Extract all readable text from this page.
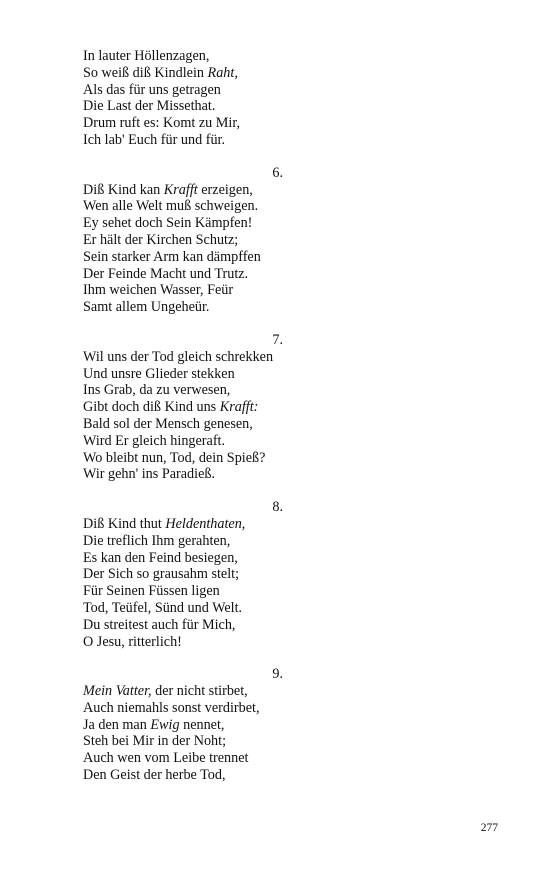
In lauter Höllenzagen,
So weiß diß Kindlein Raht,
Als das für uns getragen
Die Last der Missethat.
Drum ruft es: Komt zu Mir,
Ich lab' Euch für und für.
6.
Diß Kind kan Krafft erzeigen,
Wen alle Welt muß schweigen.
Ey sehet doch Sein Kämpfen!
Er hält der Kirchen Schutz;
Sein starker Arm kan dämpffen
Der Feinde Macht und Trutz.
Ihm weichen Wasser, Feür
Samt allem Ungeheür.
7.
Wil uns der Tod gleich schrekken
Und unsre Glieder stekken
Ins Grab, da zu verwesen,
Gibt doch diß Kind uns Krafft:
Bald sol der Mensch genesen,
Wird Er gleich hingeraft.
Wo bleibt nun, Tod, dein Spieß?
Wir gehn' ins Paradieß.
8.
Diß Kind thut Heldenthaten,
Die treflich Ihm gerahten,
Es kan den Feind besiegen,
Der Sich so grausahm stelt;
Für Seinen Füssen ligen
Tod, Teüfel, Sünd und Welt.
Du streitest auch für Mich,
O Jesu, ritterlich!
9.
Mein Vatter, der nicht stirbet,
Auch niemahls sonst verdirbet,
Ja den man Ewig nennet,
Steh bei Mir in der Noht;
Auch wen vom Leibe trennet
Den Geist der herbe Tod,
277
